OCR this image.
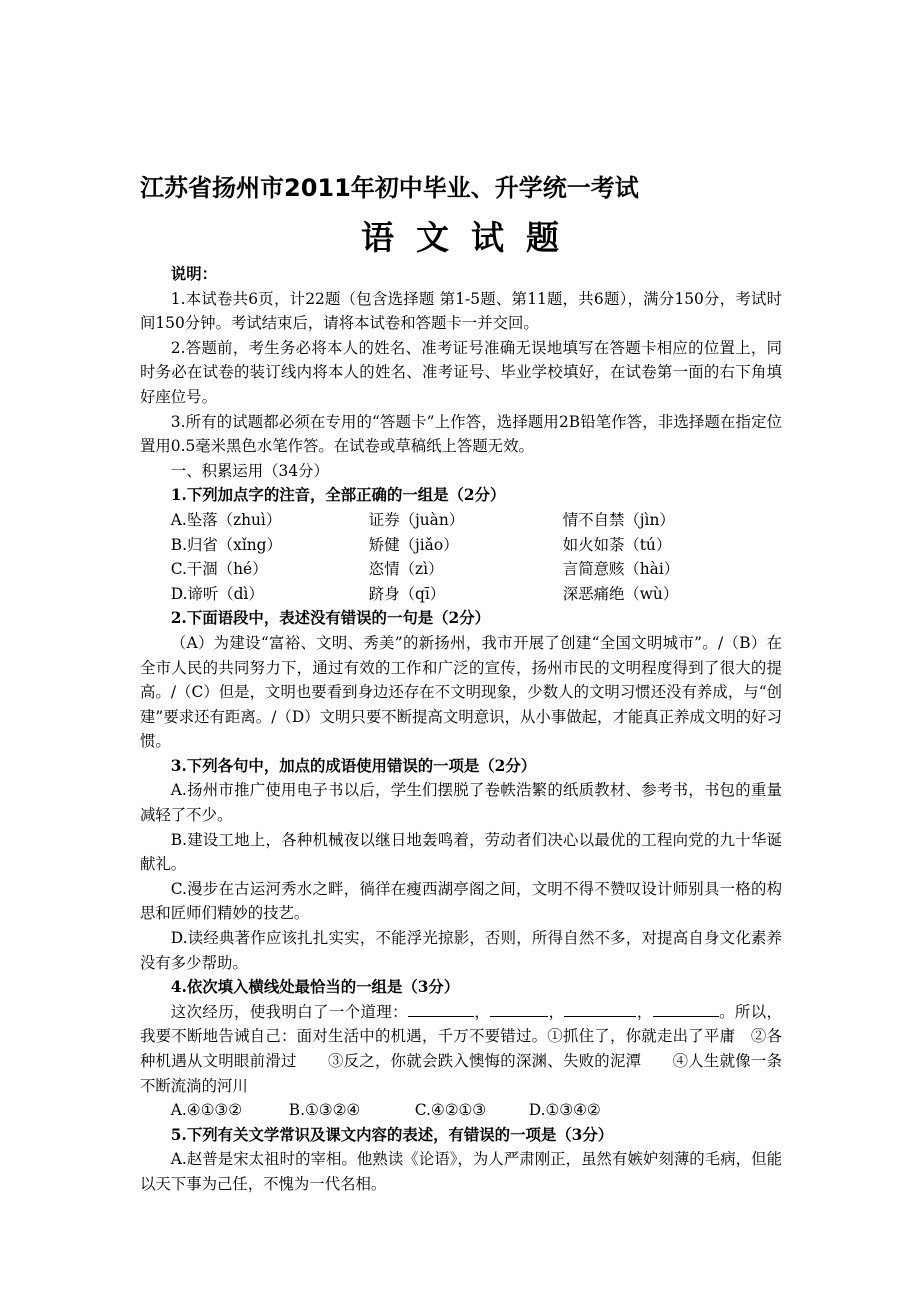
江苏省扬州市2011年初中毕业、升学统一考试
语文试题

说明：

1.本试卷共6页，计22题（包含选择题 第1-5题、第11题，共6题），满分150分，考试时间150分钟。考试结束后，请将本试卷和答题卡一并交回。

2.答题前，考生务必将本人的姓名、准考证号准确无误地填写在答题卡相应的位置上，同时务必在试卷的装订线内将本人的姓名、准考证号、毕业学校填好，在试卷第一面的右下角填好座位号。

3.所有的试题都必须在专用的“答题卡”上作答，选择题用2B铅笔作答，非选择题在指定位置用0.5毫米黑色水笔作答。在试卷或草稿纸上答题无效。

一、积累运用（34分）

1.下列加点字的注音，全部正确的一组是（2分）

A.坠落（zhuì）	证券（juàn）	情不自禁（jìn）
B.归省（xǐng）	矫健（jiǎo）	如火如荼（tú）
C.干涸（hé）	恣情（zì）	言简意赅（hài）
D.谛听（dì）	跻身（qī）	深恶痛绝（wù）

2.下面语段中，表述没有错误的一句是（2分）

（A）为建设“富裕、文明、秀美”的新扬州，我市开展了创建“全国文明城市”。/（B）在全市人民的共同努力下，通过有效的工作和广泛的宣传，扬州市民的文明程度得到了很大的提高。/（C）但是，文明也要看到身边还存在不文明现象，少数人的文明习惯还没有养成，与“创建”要求还有距离。/（D）文明只要不断提高文明意识，从小事做起，才能真正养成文明的好习惯。

3.下列各句中，加点的成语使用错误的一项是（2分）

A.扬州市推广使用电子书以后，学生们摆脱了卷帙浩繁的纸质教材、参考书，书包的重量减轻了不少。

B.建设工地上，各种机械夜以继日地轰鸣着，劳动者们决心以最优的工程向党的九十华诞献礼。

C.漫步在古运河秀水之畔，徜徉在瘦西湖亭阁之间，文明不得不赞叹设计师别具一格的构思和匠师们精妙的技艺。

D.读经典著作应该扎扎实实，不能浮光掠影，否则，所得自然不多，对提高自身文化素养没有多少帮助。

4.依次填入横线处最恰当的一组是（3分）

这次经历，使我明白了一个道理：	，	，	，	。所以，我要不断地告诫自己：面对生活中的机遇，千万不要错过。①抓住了，你就走出了平庸　②各种机遇从文明眼前滑过　　③反之，你就会跌入懊悔的深渊、失败的泥潭　　④人生就像一条不断流淌的河川

A.④①③②	B.①③②④	C.④②①③	D.①③④②

5.下列有关文学常识及课文内容的表述，有错误的一项是（3分）

A.赵普是宋太祖时的宰相。他熟读《论语》，为人严肃刚正，虽然有嫉妒刻薄的毛病，但能以天下事为己任，不愧为一代名相。
